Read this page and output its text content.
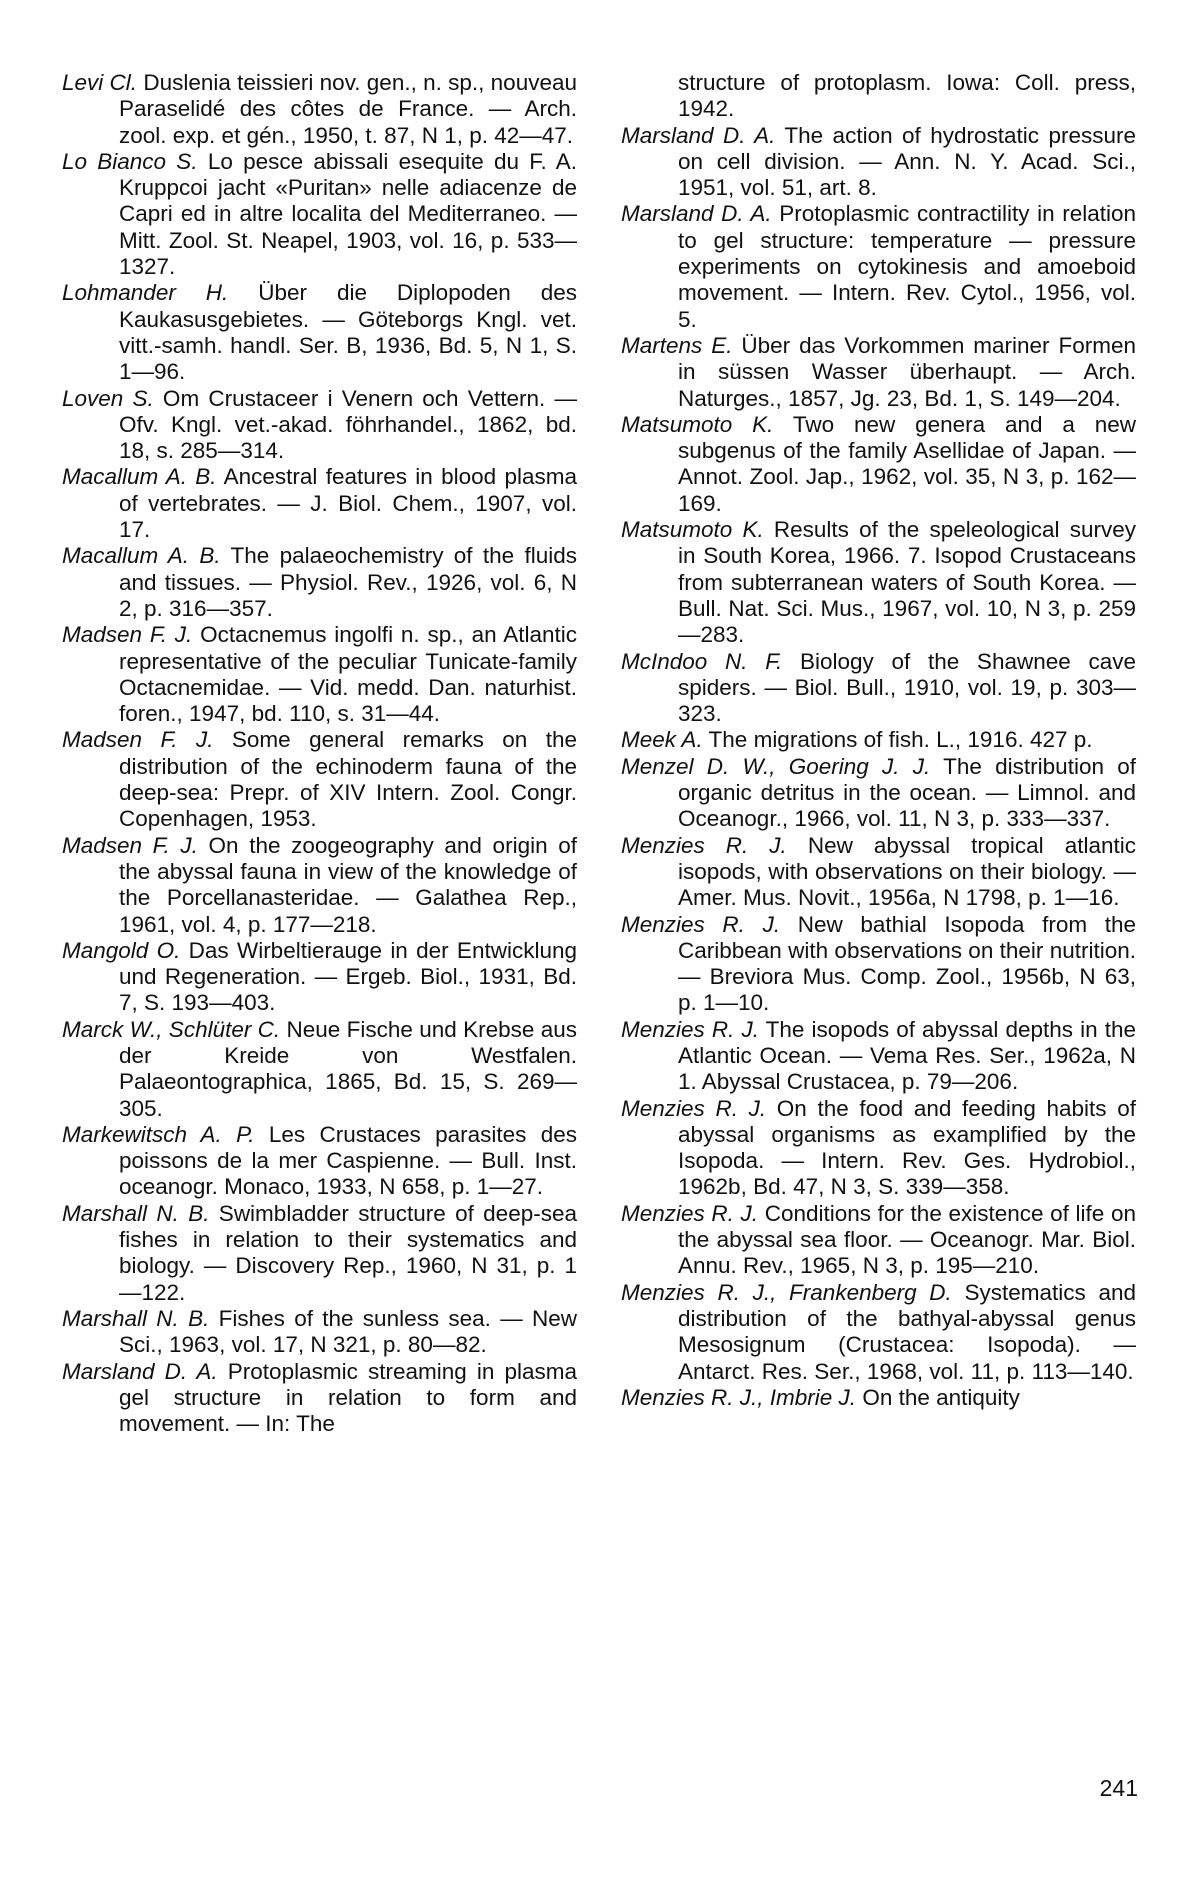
Levi Cl. Duslenia teissieri nov. gen., n. sp., nouveau Paraselidé des côtes de France. — Arch. zool. exp. et gén., 1950, t. 87, N 1, p. 42—47.

Lo Bianco S. Lo pesce abissali esequite du F. A. Kruppcoi jacht «Puritan» nelle adiacenze de Capri ed in altre localita del Mediterraneo. — Mitt. Zool. St. Neapel, 1903, vol. 16, p. 533—1327.

Lohmander H. Über die Diplopoden des Kaukasusgebietes. — Göteborgs Kngl. vet. vitt.-samh. handl. Ser. B, 1936, Bd. 5, N 1, S. 1—96.

Loven S. Om Crustaceer i Venern och Vettern. — Ofv. Kngl. vet.-akad. föhrhandel., 1862, bd. 18, s. 285—314.

Macallum A. B. Ancestral features in blood plasma of vertebrates. — J. Biol. Chem., 1907, vol. 17.

Macallum A. B. The palaeochemistry of the fluids and tissues. — Physiol. Rev., 1926, vol. 6, N 2, p. 316—357.

Madsen F. J. Octacnemus ingolfi n. sp., an Atlantic representative of the peculiar Tunicate-family Octacnemidae. — Vid. medd. Dan. naturhist. foren., 1947, bd. 110, s. 31—44.

Madsen F. J. Some general remarks on the distribution of the echinoderm fauna of the deep-sea: Prepr. of XIV Intern. Zool. Congr. Copenhagen, 1953.

Madsen F. J. On the zoogeography and origin of the abyssal fauna in view of the knowledge of the Porcellanasteridae. — Galathea Rep., 1961, vol. 4, p. 177—218.

Mangold O. Das Wirbeltierauge in der Entwicklung und Regeneration. — Ergeb. Biol., 1931, Bd. 7, S. 193—403.

Marck W., Schlüter C. Neue Fische und Krebse aus der Kreide von Westfalen. Palaeontographica, 1865, Bd. 15, S. 269—305.

Markewitsch A. P. Les Crustaces parasites des poissons de la mer Caspienne. — Bull. Inst. oceanogr. Monaco, 1933, N 658, p. 1—27.

Marshall N. B. Swimbladder structure of deep-sea fishes in relation to their systematics and biology. — Discovery Rep., 1960, N 31, p. 1—122.

Marshall N. B. Fishes of the sunless sea. — New Sci., 1963, vol. 17, N 321, p. 80—82.

Marsland D. A. Protoplasmic streaming in plasma gel structure in relation to form and movement. — In: The

structure of protoplasm. Iowa: Coll. press, 1942.

Marsland D. A. The action of hydrostatic pressure on cell division. — Ann. N. Y. Acad. Sci., 1951, vol. 51, art. 8.

Marsland D. A. Protoplasmic contractility in relation to gel structure: temperature — pressure experiments on cytokinesis and amoeboid movement. — Intern. Rev. Cytol., 1956, vol. 5.

Martens E. Über das Vorkommen mariner Formen in süssen Wasser überhaupt. — Arch. Naturges., 1857, Jg. 23, Bd. 1, S. 149—204.

Matsumoto K. Two new genera and a new subgenus of the family Asellidae of Japan. — Annot. Zool. Jap., 1962, vol. 35, N 3, p. 162—169.

Matsumoto K. Results of the speleological survey in South Korea, 1966. 7. Isopod Crustaceans from subterranean waters of South Korea. — Bull. Nat. Sci. Mus., 1967, vol. 10, N 3, p. 259—283.

McIndoo N. F. Biology of the Shawnee cave spiders. — Biol. Bull., 1910, vol. 19, p. 303—323.

Meek A. The migrations of fish. L., 1916. 427 p.

Menzel D. W., Goering J. J. The distribution of organic detritus in the ocean. — Limnol. and Oceanogr., 1966, vol. 11, N 3, p. 333—337.

Menzies R. J. New abyssal tropical atlantic isopods, with observations on their biology. — Amer. Mus. Novit., 1956a, N 1798, p. 1—16.

Menzies R. J. New bathial Isopoda from the Caribbean with observations on their nutrition. — Breviora Mus. Comp. Zool., 1956b, N 63, p. 1—10.

Menzies R. J. The isopods of abyssal depths in the Atlantic Ocean. — Vema Res. Ser., 1962a, N 1. Abyssal Crustacea, p. 79—206.

Menzies R. J. On the food and feeding habits of abyssal organisms as examplified by the Isopoda. — Intern. Rev. Ges. Hydrobiol., 1962b, Bd. 47, N 3, S. 339—358.

Menzies R. J. Conditions for the existence of life on the abyssal sea floor. — Oceanogr. Mar. Biol. Annu. Rev., 1965, N 3, p. 195—210.

Menzies R. J., Frankenberg D. Systematics and distribution of the bathyal-abyssal genus Mesosignum (Crustacea: Isopoda). — Antarct. Res. Ser., 1968, vol. 11, p. 113—140.

Menzies R. J., Imbrie J. On the antiquity

241
